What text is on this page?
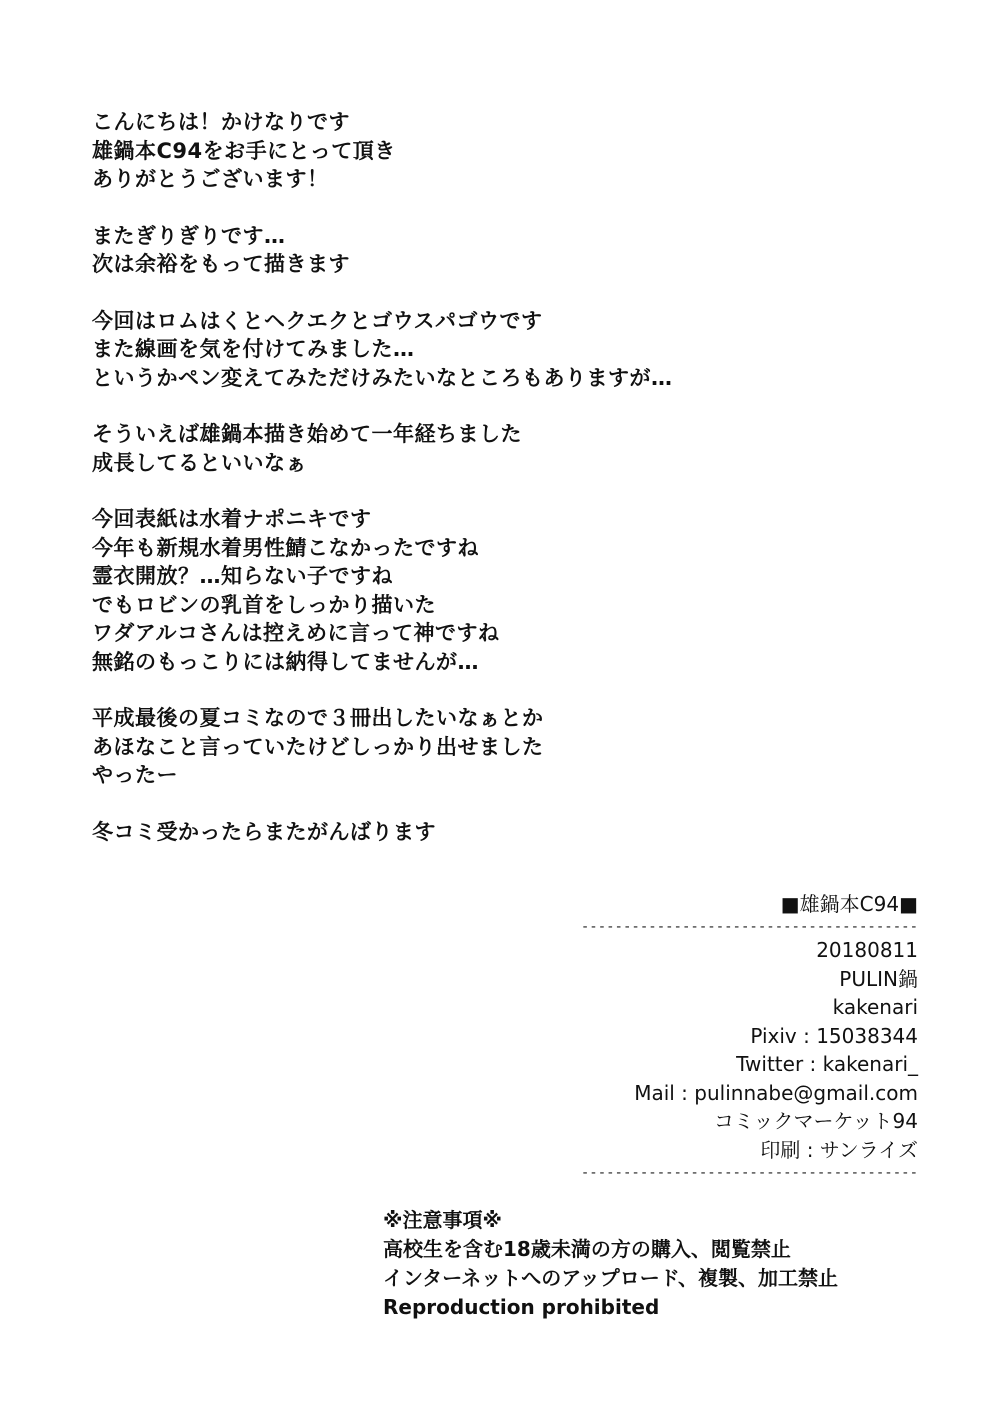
こんにちは！かけなりです
雄鍋本C94をお手にとって頂き
ありがとうございます！
またぎりぎりです…
次は余裕をもって描きます
今回はロムはくとヘクエクとゴウスパゴウです
また線画を気を付けてみました…
というかペン変えてみただけみたいなところもありますが…
そういえば雄鍋本描き始めて一年経ちました
成長してるといいなぁ
今回表紙は水着ナポニキです
今年も新規水着男性鯖こなかったですね
霊衣開放？…知らない子ですね
でもロビンの乳首をしっかり描いた
ワダアルコさんは控えめに言って神ですね
無銘のもっこりには納得してませんが…
平成最後の夏コミなので３冊出したいなぁとか
あほなこと言っていたけどしっかり出せました
やったー
冬コミ受かったらまたがんばります
■雄鍋本C94■
----------------------------------------
20180811
PULIN鍋
kakenari
Pixiv : 15038344
Twitter : kakenari_
Mail : pulinnabe@gmail.com
コミックマーケット94
印刷 : サンライズ
----------------------------------------
※注意事項※
高校生を含む18歳未満の方の購入、閲覧禁止
インターネットへのアップロード、複製、加工禁止
Reproduction prohibited
